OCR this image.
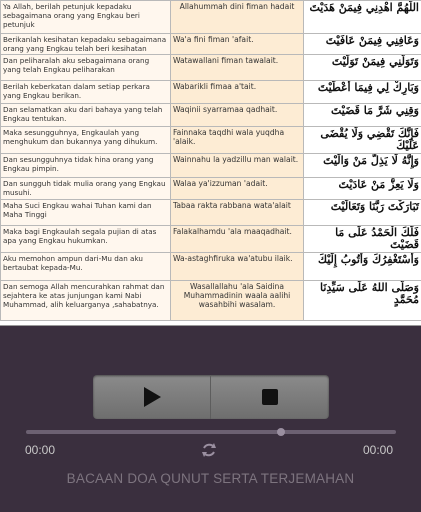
Ya Allah, berilah petunjuk kepadaku sebagaimana orang yang Engkau beri petunjuk	Allahummah dini fiman hadait	اللَّهُمَّ اهْدِنِي فِيمَنْ هَدَيْتَ
Berikanlah kesihatan kepadaku sebagaimana orang yang Engkau telah beri kesihatan	Wa'a fini fiman 'afait.	وَعَافِنِي فِيمَنْ عَافَيْتَ
Dan peliharalah aku sebagaimana orang yang telah Engkau peliharakan	Watawallani fiman tawalait.	وَتَوَلَّنِي فِيمَنْ تَوَلَّيْتَ
Berilah keberkatan dalam setiap perkara yang Engkau berikan.	Wabarikli fimaa a'tait.	وَبَارِكْ لِي فِيمَا أَعْطَيْتَ
Dan selamatkan aku dari bahaya yang telah Engkau tentukan.	Waqinii syarramaa qadhait.	وَقِنِي شَرَّ مَا قَضَيْتَ
Maka sesungguhnya, Engkaulah yang menghukum dan bukannya yang dihukum.	Fainnaka taqdhi wala yuqdha 'alaik.	فَإِنَّكَ تَقْضِي وَلَا يُقْضَى عَلَيْكَ
Dan sesungguhnya tidak hina orang yang Engkau pimpin.	Wainnahu la yadzillu man walait.	وَإِنَّهُ لَا يَذِلُّ مَنْ وَالَيْتَ
Dan sungguh tidak mulia orang yang Engkau musuhi.	Walaa ya'izzuman 'adait.	وَلَا يَعِزُّ مَنْ عَادَيْتَ
Maha Suci Engkau wahai Tuhan kami dan Maha Tinggi	Tabaa rakta rabbana wata'alait	تَبَارَكْتَ رَبَّنَا وَتَعَالَيْتَ
Maka bagi Engkaulah segala pujian di atas apa yang Engkau hukumkan.	Falakalhamdu 'ala maaqadhait.	فَلَكَ الْحَمْدُ عَلَى مَا قَضَيْتَ
Aku memohon ampun dari-Mu dan aku bertaubat kepada-Mu.	Wa-astaghfiruka wa'atubu ilaik.	وَأَسْتَغْفِرُكَ وَأَتُوبُ إِلَيْكَ
Dan semoga Allah mencurahkan rahmat dan sejahtera ke atas junjungan kami Nabi Muhammad, alih keluarganya ,sahabatnya.	Wasallallahu 'ala Saidina Muhammadinin waala aalihi wasahbihi wasalam.	وَصَلَّى اللهُ عَلَى سَيِّدِنَا مُحَمَّدٍ
00:00	00:00
BACAAN DOA QUNUT SERTA TERJEMAHAN
